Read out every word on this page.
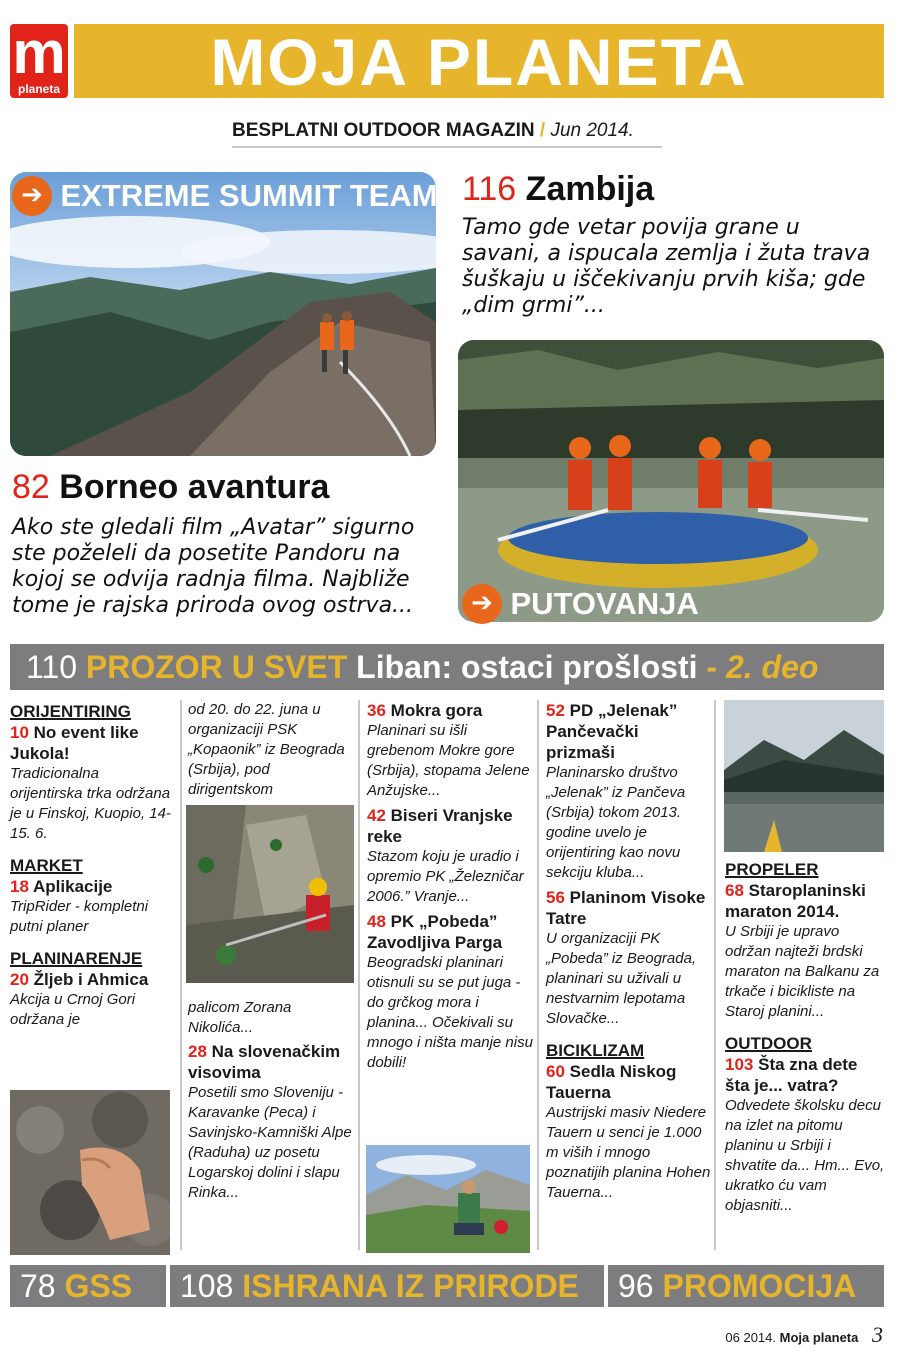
m
planeta	MOJA PLANETA
BESPLATNI OUTDOOR MAGAZIN / Jun 2014.
➔ EXTREME SUMMIT TEAM
82 Borneo avantura
Ako ste gledali film „Avatar” sigurno ste poželeli da posetite Pandoru na kojoj se odvija radnja filma. Najbliže tome je rajska priroda ovog ostrva...
116 Zambija
Tamo gde vetar povija grane u savani, a ispucala zemlja i žuta trava šuškaju u iščekivanju prvih kiša; gde „dim grmi”...
➔ PUTOVANJA
110 PROZOR U SVET Liban: ostaci prošlosti - 2. deo
ORIJENTIRING
10 No event like Jukola!
Tradicionalna orijentirska trka održana je u Finskoj, Kuopio, 14-15. 6.
MARKET
18 Aplikacije
TripRider - kompletni putni planer
PLANINARENJE
20 Žljeb i Ahmica
Akcija u Crnoj Gori održana je
od 20. do 22. juna u organizaciji PSK „Kopaonik” iz Beograda (Srbija), pod dirigentskom
palicom Zorana Nikolića...
28 Na slovenačkim visovima
Posetili smo Sloveniju - Karavanke (Peca) i Savinjsko-Kamniški Alpe (Raduha) uz posetu Logarskoj dolini i slapu Rinka...
36 Mokra gora
Planinari su išli grebenom Mokre gore (Srbija), stopama Jelene Anžujske...
42 Biseri Vranjske reke
Stazom koju je uradio i opremio PK „Železničar 2006.” Vranje...
48 PK „Pobeda” Zavodljiva Parga
Beogradski planinari otisnuli su se put juga - do grčkog mora i planina... Očekivali su mnogo i ništa manje nisu dobili!
52 PD „Jelenak” Pančevački prizmaši
Planinarsko društvo „Jelenak” iz Pančeva (Srbija) tokom 2013. godine uvelo je orijentiring kao novu sekciju kluba...
56 Planinom Visoke Tatre
U organizaciji PK „Pobeda” iz Beograda, planinari su uživali u nestvarnim lepotama Slovačke...
BICIKLIZAM
60 Sedla Niskog Tauerna
Austrijski masiv Niedere Tauern u senci je 1.000 m viših i mnogo poznatijih planina Hohen Tauerna...
PROPELER
68 Staroplaninski maraton 2014.
U Srbiji je upravo održan najteži brdski maraton na Balkanu za trkače i bicikliste na Staroj planini...
OUTDOOR
103 Šta zna dete šta je... vatra?
Odvedete školsku decu na izlet na pitomu planinu u Srbiji i shvatite da... Hm... Evo, ukratko ću vam objasniti...
78 GSS	108 ISHRANA IZ PRIRODE	96 PROMOCIJA
06 2014. Moja planeta 3
